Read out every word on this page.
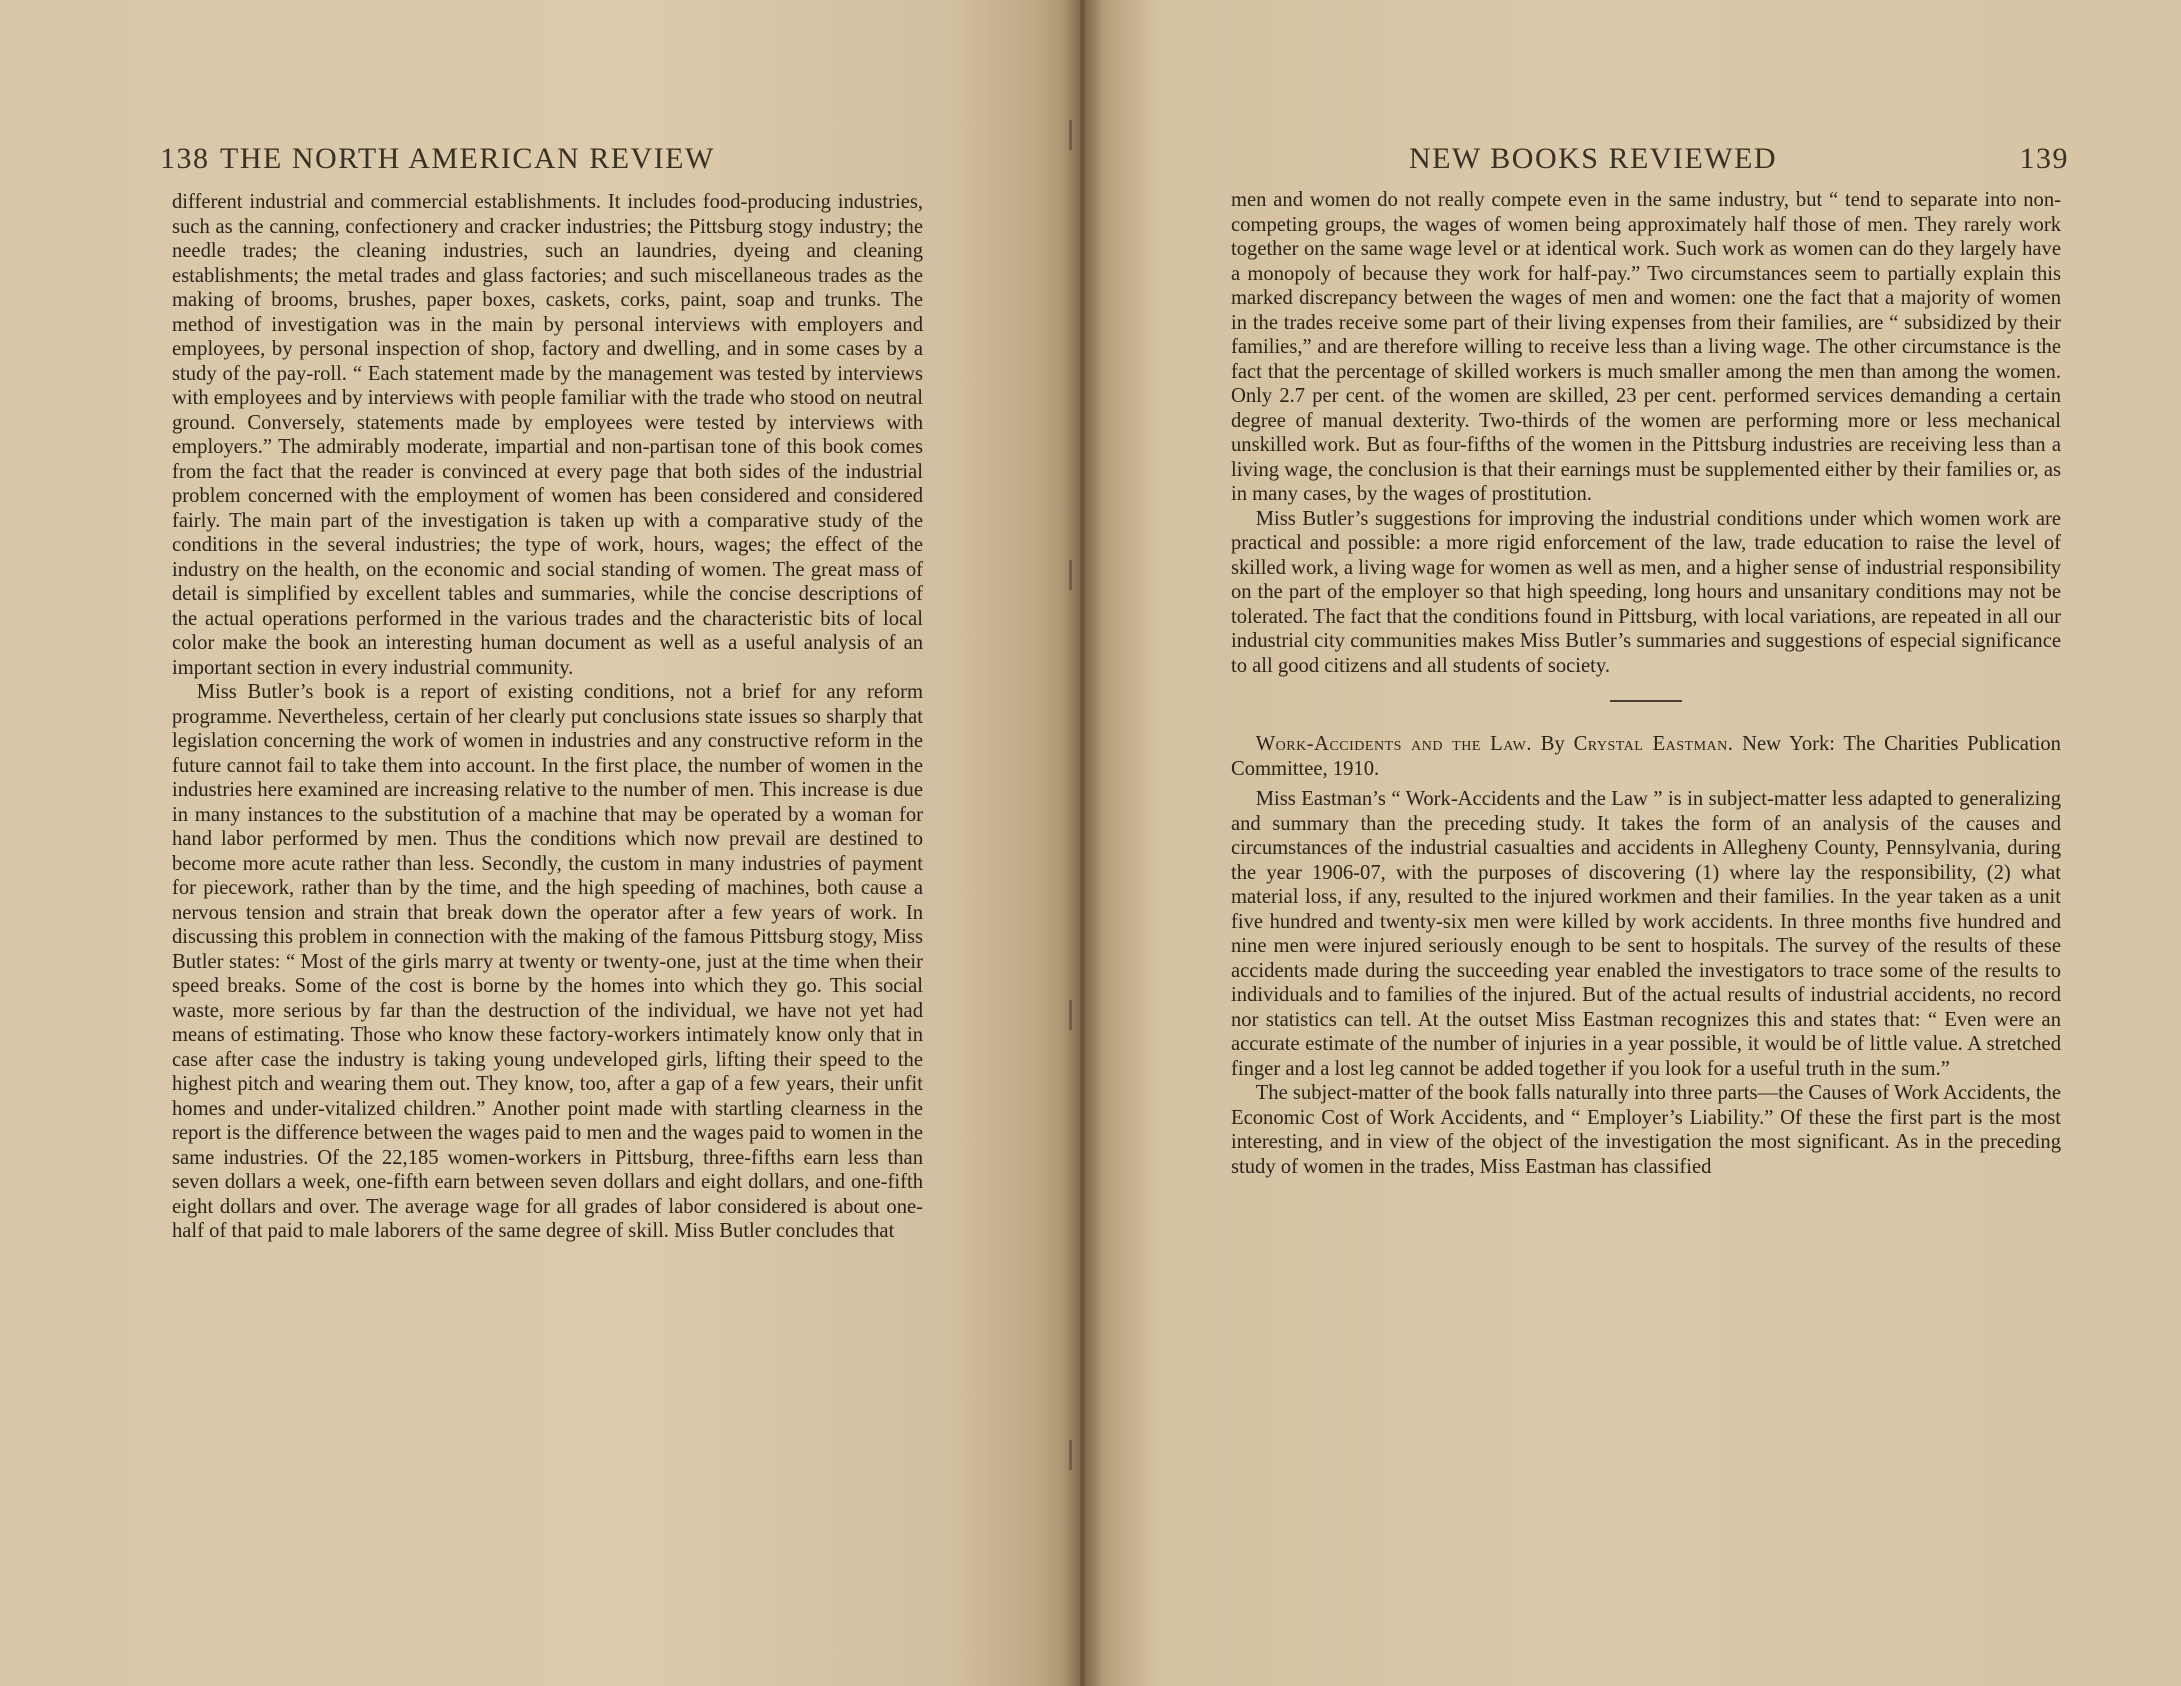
138 THE NORTH AMERICAN REVIEW

different industrial and commercial establishments. It includes food-producing industries, such as the canning, confectionery and cracker industries; the Pittsburg stogy industry; the needle trades; the cleaning industries, such an laundries, dyeing and cleaning establishments; the metal trades and glass factories; and such miscellaneous trades as the making of brooms, brushes, paper boxes, caskets, corks, paint, soap and trunks. The method of investigation was in the main by personal interviews with employers and employees, by personal inspection of shop, factory and dwelling, and in some cases by a study of the pay-roll. “ Each statement made by the management was tested by interviews with employees and by interviews with people familiar with the trade who stood on neutral ground. Conversely, statements made by employees were tested by interviews with employers.” The admirably moderate, impartial and non-partisan tone of this book comes from the fact that the reader is convinced at every page that both sides of the industrial problem concerned with the employment of women has been considered and considered fairly. The main part of the investigation is taken up with a comparative study of the conditions in the several industries; the type of work, hours, wages; the effect of the industry on the health, on the economic and social standing of women. The great mass of detail is simplified by excellent tables and summaries, while the concise descriptions of the actual operations performed in the various trades and the characteristic bits of local color make the book an interesting human document as well as a useful analysis of an important section in every industrial community.

Miss Butler’s book is a report of existing conditions, not a brief for any reform programme. Nevertheless, certain of her clearly put conclusions state issues so sharply that legislation concerning the work of women in industries and any constructive reform in the future cannot fail to take them into account. In the first place, the number of women in the industries here examined are increasing relative to the number of men. This increase is due in many instances to the substitution of a machine that may be operated by a woman for hand labor performed by men. Thus the conditions which now prevail are destined to become more acute rather than less. Secondly, the custom in many industries of payment for piecework, rather than by the time, and the high speeding of machines, both cause a nervous tension and strain that break down the operator after a few years of work. In discussing this problem in connection with the making of the famous Pittsburg stogy, Miss Butler states: “ Most of the girls marry at twenty or twenty-one, just at the time when their speed breaks. Some of the cost is borne by the homes into which they go. This social waste, more serious by far than the destruction of the individual, we have not yet had means of estimating. Those who know these factory-workers intimately know only that in case after case the industry is taking young undeveloped girls, lifting their speed to the highest pitch and wearing them out. They know, too, after a gap of a few years, their unfit homes and under-vitalized children.” Another point made with startling clearness in the report is the difference between the wages paid to men and the wages paid to women in the same industries. Of the 22,185 women-workers in Pittsburg, three-fifths earn less than seven dollars a week, one-fifth earn between seven dollars and eight dollars, and one-fifth eight dollars and over. The average wage for all grades of labor considered is about one-half of that paid to male laborers of the same degree of skill. Miss Butler concludes that

NEW BOOKS REVIEWED	139

men and women do not really compete even in the same industry, but “ tend to separate into non-competing groups, the wages of women being approximately half those of men. They rarely work together on the same wage level or at identical work. Such work as women can do they largely have a monopoly of because they work for half-pay.” Two circumstances seem to partially explain this marked discrepancy between the wages of men and women: one the fact that a majority of women in the trades receive some part of their living expenses from their families, are “ subsidized by their families,” and are therefore willing to receive less than a living wage. The other circumstance is the fact that the percentage of skilled workers is much smaller among the men than among the women. Only 2.7 per cent. of the women are skilled, 23 per cent. performed services demanding a certain degree of manual dexterity. Two-thirds of the women are performing more or less mechanical unskilled work. But as four-fifths of the women in the Pittsburg industries are receiving less than a living wage, the conclusion is that their earnings must be supplemented either by their families or, as in many cases, by the wages of prostitution.

Miss Butler’s suggestions for improving the industrial conditions under which women work are practical and possible: a more rigid enforcement of the law, trade education to raise the level of skilled work, a living wage for women as well as men, and a higher sense of industrial responsibility on the part of the employer so that high speeding, long hours and unsanitary conditions may not be tolerated. The fact that the conditions found in Pittsburg, with local variations, are repeated in all our industrial city communities makes Miss Butler’s summaries and suggestions of especial significance to all good citizens and all students of society.

Work-Accidents and the Law. By Crystal Eastman. New York: The Charities Publication Committee, 1910.

Miss Eastman’s “ Work-Accidents and the Law ” is in subject-matter less adapted to generalizing and summary than the preceding study. It takes the form of an analysis of the causes and circumstances of the industrial casualties and accidents in Allegheny County, Pennsylvania, during the year 1906-07, with the purposes of discovering (1) where lay the responsibility, (2) what material loss, if any, resulted to the injured workmen and their families. In the year taken as a unit five hundred and twenty-six men were killed by work accidents. In three months five hundred and nine men were injured seriously enough to be sent to hospitals. The survey of the results of these accidents made during the succeeding year enabled the investigators to trace some of the results to individuals and to families of the injured. But of the actual results of industrial accidents, no record nor statistics can tell. At the outset Miss Eastman recognizes this and states that: “ Even were an accurate estimate of the number of injuries in a year possible, it would be of little value. A stretched finger and a lost leg cannot be added together if you look for a useful truth in the sum.”

The subject-matter of the book falls naturally into three parts—the Causes of Work Accidents, the Economic Cost of Work Accidents, and “ Employer’s Liability.” Of these the first part is the most interesting, and in view of the object of the investigation the most significant. As in the preceding study of women in the trades, Miss Eastman has classified
